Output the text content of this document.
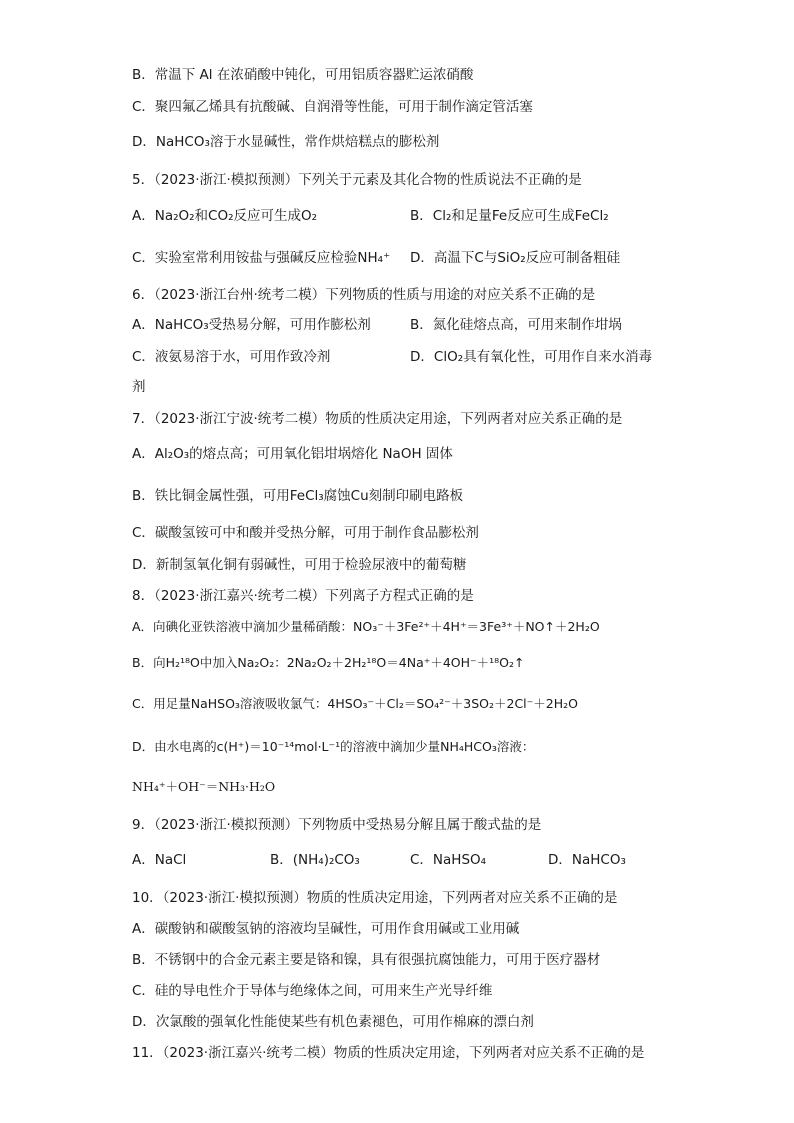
B．常温下 Al 在浓硝酸中钝化，可用铝质容器贮运浓硝酸
C．聚四氟乙烯具有抗酸碱、自润滑等性能，可用于制作滴定管活塞
D．NaHCO₃溶于水显碱性，常作烘焙糕点的膨松剂
5．（2023·浙江·模拟预测）下列关于元素及其化合物的性质说法不正确的是
A．Na₂O₂和CO₂反应可生成O₂	B．Cl₂和足量Fe反应可生成FeCl₂
C．实验室常利用铵盐与强碱反应检验NH₄⁺ D．高温下C与SiO₂反应可制备粗硅
6．（2023·浙江台州·统考二模）下列物质的性质与用途的对应关系不正确的是
A．NaHCO₃受热易分解，可用作膨松剂	B．氮化硅熔点高，可用来制作坩埚
C．液氨易溶于水，可用作致冷剂	D．ClO₂具有氧化性，可用作自来水消毒
剂
7．（2023·浙江宁波·统考二模）物质的性质决定用途，下列两者对应关系正确的是
A．Al₂O₃的熔点高；可用氧化铝坩埚熔化 NaOH 固体
B．铁比铜金属性强，可用FeCl₃腐蚀Cu刻制印刷电路板
C．碳酸氢铵可中和酸并受热分解，可用于制作食品膨松剂
D．新制氢氧化铜有弱碱性，可用于检验尿液中的葡萄糖
8．（2023·浙江嘉兴·统考二模）下列离子方程式正确的是
A．向碘化亚铁溶液中滴加少量稀硝酸：NO₃⁻＋3Fe²⁺＋4H⁺＝3Fe³⁺＋NO↑＋2H₂O
B．向H₂¹⁸O中加入Na₂O₂：2Na₂O₂＋2H₂¹⁸O＝4Na⁺＋4OH⁻＋¹⁸O₂↑
C．用足量NaHSO₃溶液吸收氯气：4HSO₃⁻＋Cl₂＝SO₄²⁻＋3SO₂＋2Cl⁻＋2H₂O
D．由水电离的c(H⁺)＝10⁻¹⁴mol·L⁻¹的溶液中滴加少量NH₄HCO₃溶液：
NH₄⁺＋OH⁻＝NH₃·H₂O
9．（2023·浙江·模拟预测）下列物质中受热易分解且属于酸式盐的是
A．NaCl	B．(NH₄)₂CO₃	C．NaHSO₄	D．NaHCO₃
10．（2023·浙江·模拟预测）物质的性质决定用途，下列两者对应关系不正确的是
A．碳酸钠和碳酸氢钠的溶液均呈碱性，可用作食用碱或工业用碱
B．不锈钢中的合金元素主要是铬和镍，具有很强抗腐蚀能力，可用于医疗器材
C．硅的导电性介于导体与绝缘体之间，可用来生产光导纤维
D．次氯酸的强氧化性能使某些有机色素褪色，可用作棉麻的漂白剂
11．（2023·浙江嘉兴·统考二模）物质的性质决定用途，下列两者对应关系不正确的是
